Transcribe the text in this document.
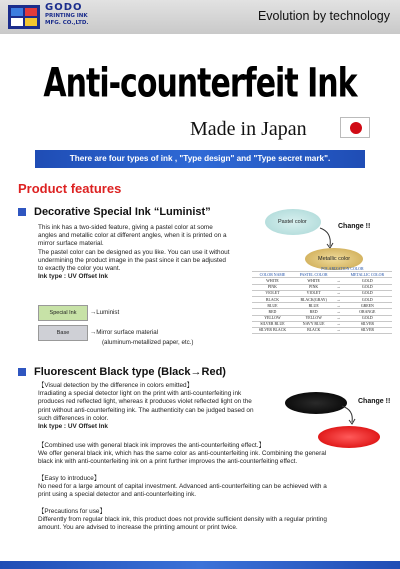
GODO
PRINTING INK
MFG. CO.,LTD.	Evolution by technology
Anti-counterfeit Ink
Made in Japan
There are four types of ink , "Type design" and "Type secret mark".
Product features
Decorative Special Ink “Luminist”
This ink has a two-sided feature, giving a pastel color at some
angles and metallic color at different angles, when it is printed on a
mirror surface material.
The pastel color can be designed as you like. You can use it without
undermining the product image in the past since it can be adjusted
to exactly the color you want.
Ink type : UV Offset Ink
Special Ink
Base
→Luminist
→Mirror surface material
(aluminum-metallized paper, etc.)
Pastel color
Change !!
Metallic color
	POLARIZATION COLOR		
COLOR NAME	PASTEL COLOR		METALLIC COLOR
WHITE	WHITE	→	GOLD
PINK	PINK	→	GOLD
VIOLET	VIOLET	→	GOLD
BLACK	BLACK(GRAY)	→	GOLD
BLUE	BLUE	→	GREEN
RED	RED	→	ORANGE
YELLOW	YELLOW	→	GOLD
SILVER BLUE	NAVY BLUE	→	SILVER
SILVER BLACK	BLACK	→	SILVER
Fluorescent Black type (Black→Red)
【Visual detection by the difference in colors emitted】
Irradiating a special detector light on the print with anti-counterfeiting ink
produces red reflected light, whereas it produces violet reflected light on the
print without anti-counterfeiting ink. The authenticity can be judged based on
such differences in color.
Ink type : UV Offset Ink
Change !!
【Combined use with general black ink improves the anti-counterfeiting effect.】
We offer general black ink, which has the same color as anti-counterfeiting ink. Combining the general
black ink with anti-counterfeiting ink on a print further improves the anti-counterfeiting effect.
【Easy to introduce】
No need for a large amount of capital investment. Advanced anti-counterfeiting can be achieved with a
print using a special detector and anti-counterfeiting ink.
【Precautions for use】
Differently from regular black ink, this product does not provide sufficient density with a regular printing
amount. You are advised to increase the printing amount or print twice.
